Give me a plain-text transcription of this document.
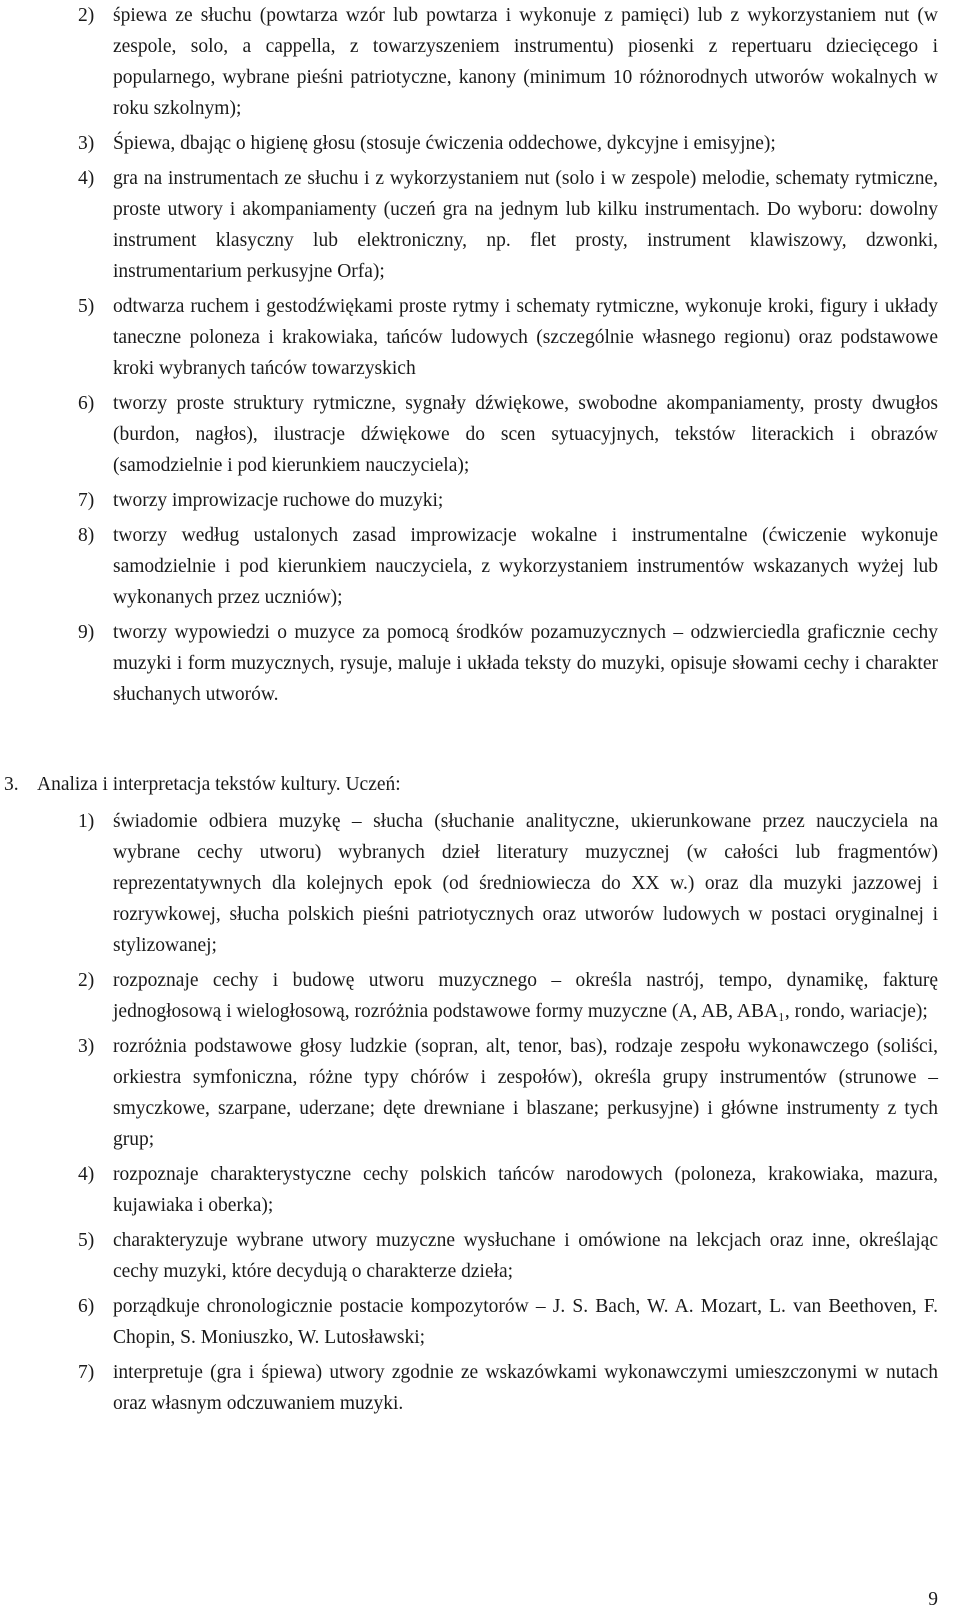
2) śpiewa ze słuchu (powtarza wzór lub powtarza i wykonuje z pamięci) lub z wykorzystaniem nut (w zespole, solo, a cappella, z towarzyszeniem instrumentu) piosenki z repertuaru dziecięcego i popularnego, wybrane pieśni patriotyczne, kanony (minimum 10 różnorodnych utworów wokalnych w roku szkolnym);
3) Śpiewa, dbając o higienę głosu (stosuje ćwiczenia oddechowe, dykcyjne i emisyjne);
4) gra na instrumentach ze słuchu i z wykorzystaniem nut (solo i w zespole) melodie, schematy rytmiczne, proste utwory i akompaniamenty (uczeń gra na jednym lub kilku instrumentach. Do wyboru: dowolny instrument klasyczny lub elektroniczny, np. flet prosty, instrument klawiszowy, dzwonki, instrumentarium perkusyjne Orfa);
5) odtwarza ruchem i gestodźwiękami proste rytmy i schematy rytmiczne, wykonuje kroki, figury i układy taneczne poloneza i krakowiaka, tańców ludowych (szczególnie własnego regionu) oraz podstawowe kroki wybranych tańców towarzyskich
6) tworzy proste struktury rytmiczne, sygnały dźwiękowe, swobodne akompaniamenty, prosty dwugłos (burdon, nagłos), ilustracje dźwiękowe do scen sytuacyjnych, tekstów literackich i obrazów (samodzielnie i pod kierunkiem nauczyciela);
7) tworzy improwizacje ruchowe do muzyki;
8) tworzy według ustalonych zasad improwizacje wokalne i instrumentalne (ćwiczenie wykonuje samodzielnie i pod kierunkiem nauczyciela, z wykorzystaniem instrumentów wskazanych wyżej lub wykonanych przez uczniów);
9) tworzy wypowiedzi o muzyce za pomocą środków pozamuzycznych – odzwierciedla graficznie cechy muzyki i form muzycznych, rysuje, maluje i układa teksty do muzyki, opisuje słowami cechy i charakter słuchanych utworów.
3. Analiza i interpretacja tekstów kultury. Uczeń:
1) świadomie odbiera muzykę – słucha (słuchanie analityczne, ukierunkowane przez nauczyciela na wybrane cechy utworu) wybranych dzieł literatury muzycznej (w całości lub fragmentów) reprezentatywnych dla kolejnych epok (od średniowiecza do XX w.) oraz dla muzyki jazzowej i rozrywkowej, słucha polskich pieśni patriotycznych oraz utworów ludowych w postaci oryginalnej i stylizowanej;
2) rozpoznaje cechy i budowę utworu muzycznego – określa nastrój, tempo, dynamikę, fakturę jednogłosową i wielogłosową, rozróżnia podstawowe formy muzyczne (A, AB, ABA₁, rondo, wariacje);
3) rozróżnia podstawowe głosy ludzkie (sopran, alt, tenor, bas), rodzaje zespołu wykonawczego (soliści, orkiestra symfoniczna, różne typy chórów i zespołów), określa grupy instrumentów (strunowe – smyczkowe, szarpane, uderzane; dęte drewniane i blaszane; perkusyjne) i główne instrumenty z tych grup;
4) rozpoznaje charakterystyczne cechy polskich tańców narodowych (poloneza, krakowiaka, mazura, kujawiaka i oberka);
5) charakteryzuje wybrane utwory muzyczne wysłuchane i omówione na lekcjach oraz inne, określając cechy muzyki, które decydują o charakterze dzieła;
6) porządkuje chronologicznie postacie kompozytorów – J. S. Bach, W. A. Mozart, L. van Beethoven, F. Chopin, S. Moniuszko, W. Lutosławski;
7) interpretuje (gra i śpiewa) utwory zgodnie ze wskazówkami wykonawczymi umieszczonymi w nutach oraz własnym odczuwaniem muzyki.
9
